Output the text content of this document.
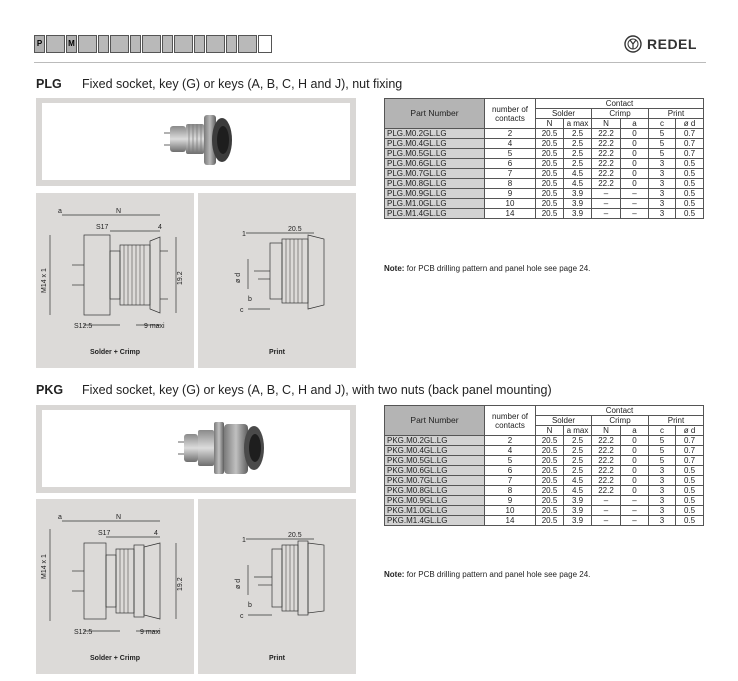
P	M	REDEL
PLG	Fixed socket, key (G) or keys (A, B, C, H and J), nut fixing
a	N
S17	4
M14 x 1	19.2
S12.5	9 maxi
Solder + Crimp
1
20.5
ø d
b
c
Print
Part Number	number of contacts	Contact					
		Solder		Crimp		Print	
		N	a max	N	a	c	ø d
PLG.M0.2GL.LG	2	20.5	2.5	22.2	0	5	0.7
PLG.M0.4GL.LG	4	20.5	2.5	22.2	0	5	0.7
PLG.M0.5GL.LG	5	20.5	2.5	22.2	0	5	0.7
PLG.M0.6GL.LG	6	20.5	2.5	22.2	0	3	0.5
PLG.M0.7GL.LG	7	20.5	4.5	22.2	0	3	0.5
PLG.M0.8GL.LG	8	20.5	4.5	22.2	0	3	0.5
PLG.M0.9GL.LG	9	20.5	3.9	–	–	3	0.5
PLG.M1.0GL.LG	10	20.5	3.9	–	–	3	0.5
PLG.M1.4GL.LG	14	20.5	3.9	–	–	3	0.5
Note: for PCB drilling pattern and panel hole see page 24.
PKG	Fixed socket, key (G) or keys (A, B, C, H and J), with two nuts (back panel mounting)
a	N
S17	4
M14 x 1
19.2
S12.5	9 maxi
Solder + Crimp
1
20.5
ø d
b
c
Print
Part Number	number of contacts	Contact					
		Solder		Crimp		Print	
		N	a max	N	a	c	ø d
PKG.M0.2GL.LG	2	20.5	2.5	22.2	0	5	0.7
PKG.M0.4GL.LG	4	20.5	2.5	22.2	0	5	0.7
PKG.M0.5GL.LG	5	20.5	2.5	22.2	0	5	0.7
PKG.M0.6GL.LG	6	20.5	2.5	22.2	0	3	0.5
PKG.M0.7GL.LG	7	20.5	4.5	22.2	0	3	0.5
PKG.M0.8GL.LG	8	20.5	4.5	22.2	0	3	0.5
PKG.M0.9GL.LG	9	20.5	3.9	–	–	3	0.5
PKG.M1.0GL.LG	10	20.5	3.9	–	–	3	0.5
PKG.M1.4GL.LG	14	20.5	3.9	–	–	3	0.5
Note: for PCB drilling pattern and panel hole see page 24.
